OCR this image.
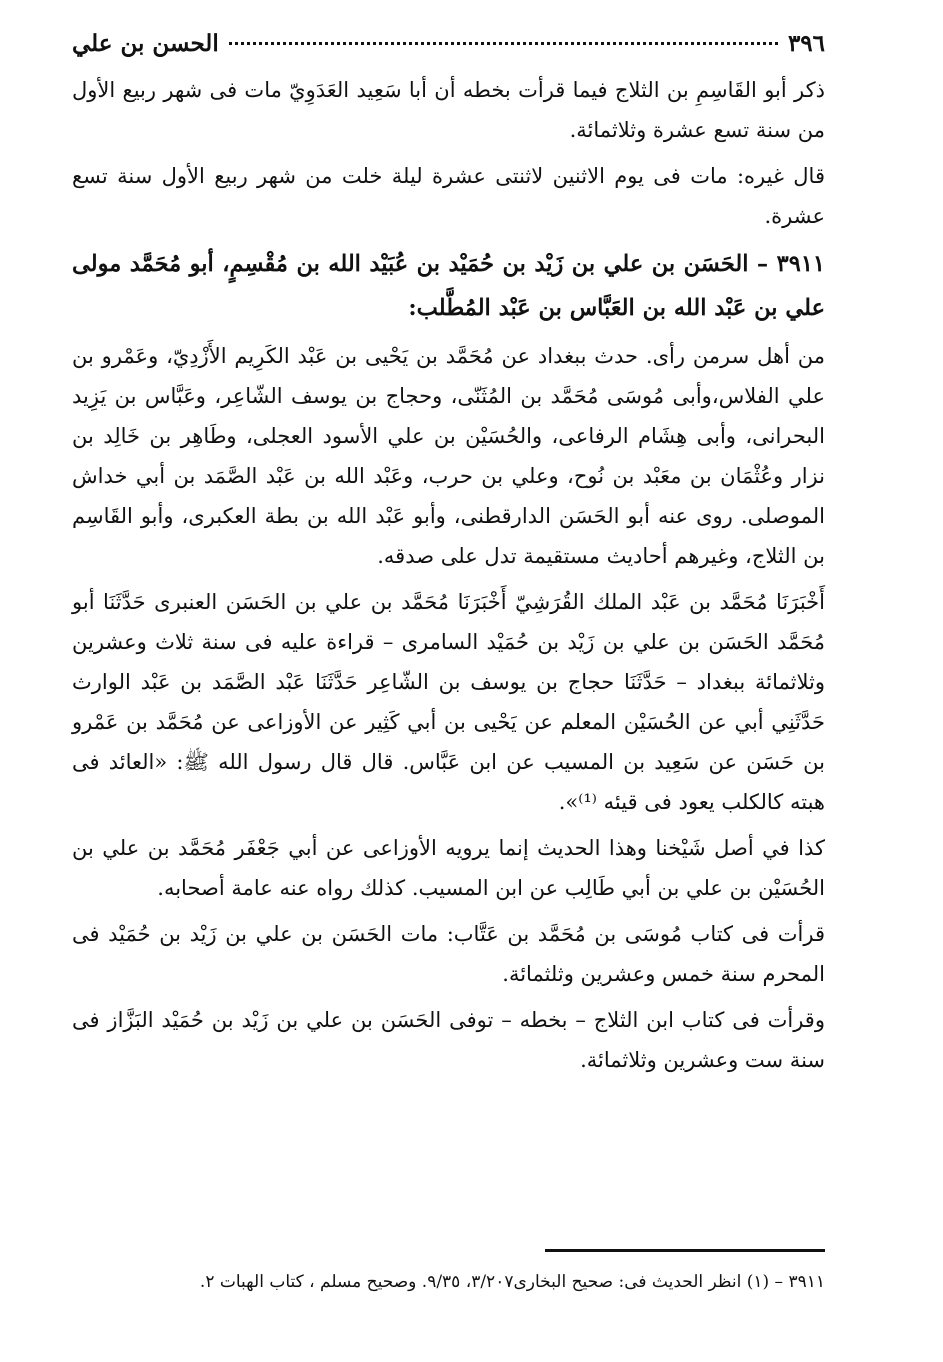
٣٩٦
الحسن بن علي

ذكر أبو القَاسِمِ بن الثلاج فيما قرأت بخطه أن أبا سَعِيد العَدَوِيّ مات فى شهر ربيع الأول من سنة تسع عشرة وثلاثمائة.

قال غيره: مات فى يوم الاثنين لاثنتى عشرة ليلة خلت من شهر ربيع الأول سنة تسع عشرة.

٣٩١١ – الحَسَن بن علي بن زَيْد بن حُمَيْد بن عُبَيْد الله بن مُقْسِمٍ، أبو مُحَمَّد مولى علي بن عَبْد الله بن العَبَّاس بن عَبْد المُطَّلب:

من أهل سرمن رأى. حدث ببغداد عن مُحَمَّد بن يَحْيى بن عَبْد الكَرِيم الأَزْدِيّ، وعَمْرو بن علي الفلاس،وأبى مُوسَى مُحَمَّد بن المُثَنّى، وحجاج بن يوسف الشّاعِر، وعَبَّاس بن يَزِيد البحرانى، وأبى هِشَام الرفاعى، والحُسَيْن بن علي الأسود العجلى، وطَاهِر بن خَالِد بن نزار وعُثْمَان بن معَبْد بن نُوح، وعلي بن حرب، وعَبْد الله بن عَبْد الصَّمَد بن أبي خداش الموصلى. روى عنه أبو الحَسَن الدارقطنى، وأبو عَبْد الله بن بطة العكبرى، وأبو القَاسِم بن الثلاج، وغيرهم أحاديث مستقيمة تدل على صدقه.

أَخْبَرَنَا مُحَمَّد بن عَبْد الملك القُرَشِيّ أَخْبَرَنَا مُحَمَّد بن علي بن الحَسَن العنبرى حَدَّثَنَا أبو مُحَمَّد الحَسَن بن علي بن زَيْد بن حُمَيْد السامرى – قراءة عليه فى سنة ثلاث وعشرين وثلاثمائة ببغداد – حَدَّثَنَا حجاج بن يوسف بن الشّاعِر حَدَّثَنَا عَبْد الصَّمَد بن عَبْد الوارث حَدَّثَنِي أبي عن الحُسَيْن المعلم عن يَحْيى بن أبي كَثِير عن الأوزاعى عن مُحَمَّد بن عَمْرو بن حَسَن عن سَعِيد بن المسيب عن ابن عَبَّاس. قال قال رسول الله ﷺ: «العائد فى هبته كالكلب يعود فى قيئه ⁽¹⁾».

كذا في أصل شَيْخنا وهذا الحديث إنما يرويه الأوزاعى عن أبي جَعْفَر مُحَمَّد بن علي بن الحُسَيْن بن علي بن أبي طَالِب عن ابن المسيب. كذلك رواه عنه عامة أصحابه.

قرأت فى كتاب مُوسَى بن مُحَمَّد بن عَتَّاب: مات الحَسَن بن علي بن زَيْد بن حُمَيْد فى المحرم سنة خمس وعشرين وثلثمائة.

وقرأت فى كتاب ابن الثلاج – بخطه – توفى الحَسَن بن علي بن زَيْد بن حُمَيْد البَزَّاز فى سنة ست وعشرين وثلاثمائة.

٣٩١١ – (١) انظر الحديث فى: صحيح البخارى٣/٢٠٧، ٩/٣٥. وصحيح مسلم ، كتاب الهبات ٢.
